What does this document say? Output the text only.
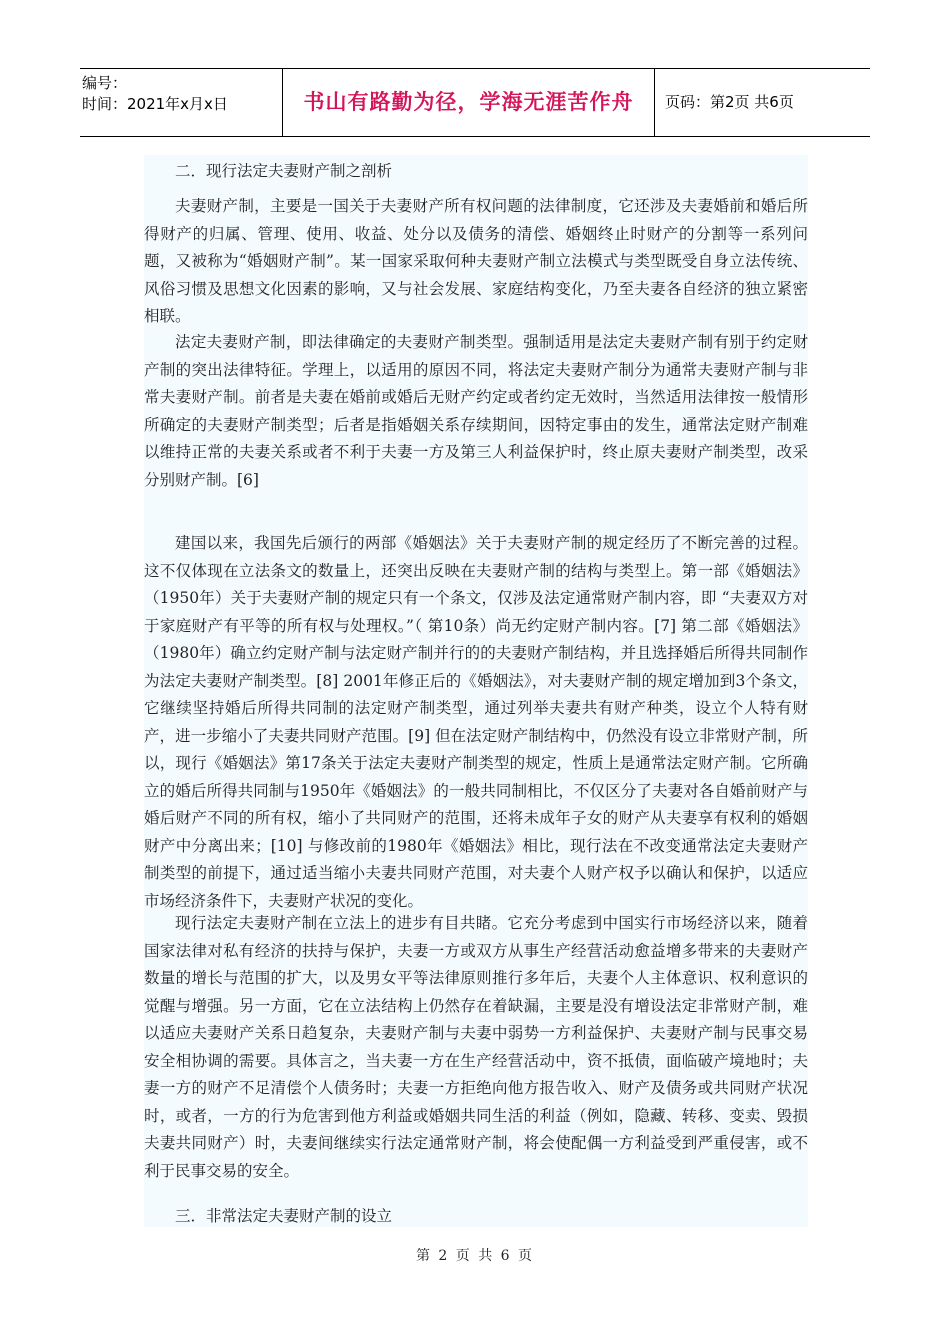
编号：
时间：2021年x月x日	书山有路勤为径，学海无涯苦作舟	页码：第2页 共6页

二．现行法定夫妻财产制之剖析

夫妻财产制，主要是一国关于夫妻财产所有权问题的法律制度，它还涉及夫妻婚前和婚后所得财产的归属、管理、使用、收益、处分以及债务的清偿、婚姻终止时财产的分割等一系列问题，又被称为“婚姻财产制”。某一国家采取何种夫妻财产制立法模式与类型既受自身立法传统、风俗习惯及思想文化因素的影响，又与社会发展、家庭结构变化，乃至夫妻各自经济的独立紧密相联。

法定夫妻财产制，即法律确定的夫妻财产制类型。强制适用是法定夫妻财产制有别于约定财产制的突出法律特征。学理上，以适用的原因不同，将法定夫妻财产制分为通常夫妻财产制与非常夫妻财产制。前者是夫妻在婚前或婚后无财产约定或者约定无效时，当然适用法律按一般情形所确定的夫妻财产制类型；后者是指婚姻关系存续期间，因特定事由的发生，通常法定财产制难以维持正常的夫妻关系或者不利于夫妻一方及第三人利益保护时，终止原夫妻财产制类型，改采分别财产制。[6]

建国以来，我国先后颁行的两部《婚姻法》关于夫妻财产制的规定经历了不断完善的过程。这不仅体现在立法条文的数量上，还突出反映在夫妻财产制的结构与类型上。第一部《婚姻法》（1950年）关于夫妻财产制的规定只有一个条文，仅涉及法定通常财产制内容，即 “夫妻双方对于家庭财产有平等的所有权与处理权。”（ 第10条）尚无约定财产制内容。[7] 第二部《婚姻法》（1980年）确立约定财产制与法定财产制并行的的夫妻财产制结构，并且选择婚后所得共同制作为法定夫妻财产制类型。[8] 2001年修正后的《婚姻法》，对夫妻财产制的规定增加到3个条文，它继续坚持婚后所得共同制的法定财产制类型，通过列举夫妻共有财产种类，设立个人特有财产，进一步缩小了夫妻共同财产范围。[9] 但在法定财产制结构中，仍然没有设立非常财产制，所以，现行《婚姻法》第17条关于法定夫妻财产制类型的规定，性质上是通常法定财产制。它所确立的婚后所得共同制与1950年《婚姻法》的一般共同制相比，不仅区分了夫妻对各自婚前财产与婚后财产不同的所有权，缩小了共同财产的范围，还将未成年子女的财产从夫妻享有权利的婚姻财产中分离出来；[10] 与修改前的1980年《婚姻法》相比，现行法在不改变通常法定夫妻财产制类型的前提下，通过适当缩小夫妻共同财产范围，对夫妻个人财产权予以确认和保护，以适应市场经济条件下，夫妻财产状况的变化。

现行法定夫妻财产制在立法上的进步有目共睹。它充分考虑到中国实行市场经济以来，随着国家法律对私有经济的扶持与保护，夫妻一方或双方从事生产经营活动愈益增多带来的夫妻财产数量的增长与范围的扩大，以及男女平等法律原则推行多年后，夫妻个人主体意识、权利意识的觉醒与增强。另一方面，它在立法结构上仍然存在着缺漏，主要是没有增设法定非常财产制，难以适应夫妻财产关系日趋复杂，夫妻财产制与夫妻中弱势一方利益保护、夫妻财产制与民事交易安全相协调的需要。具体言之，当夫妻一方在生产经营活动中，资不抵债，面临破产境地时；夫妻一方的财产不足清偿个人债务时；夫妻一方拒绝向他方报告收入、财产及债务或共同财产状况时，或者，一方的行为危害到他方利益或婚姻共同生活的利益（例如，隐藏、转移、变卖、毁损夫妻共同财产）时，夫妻间继续实行法定通常财产制，将会使配偶一方利益受到严重侵害，或不利于民事交易的安全。

三．非常法定夫妻财产制的设立

第 2 页 共 6 页
